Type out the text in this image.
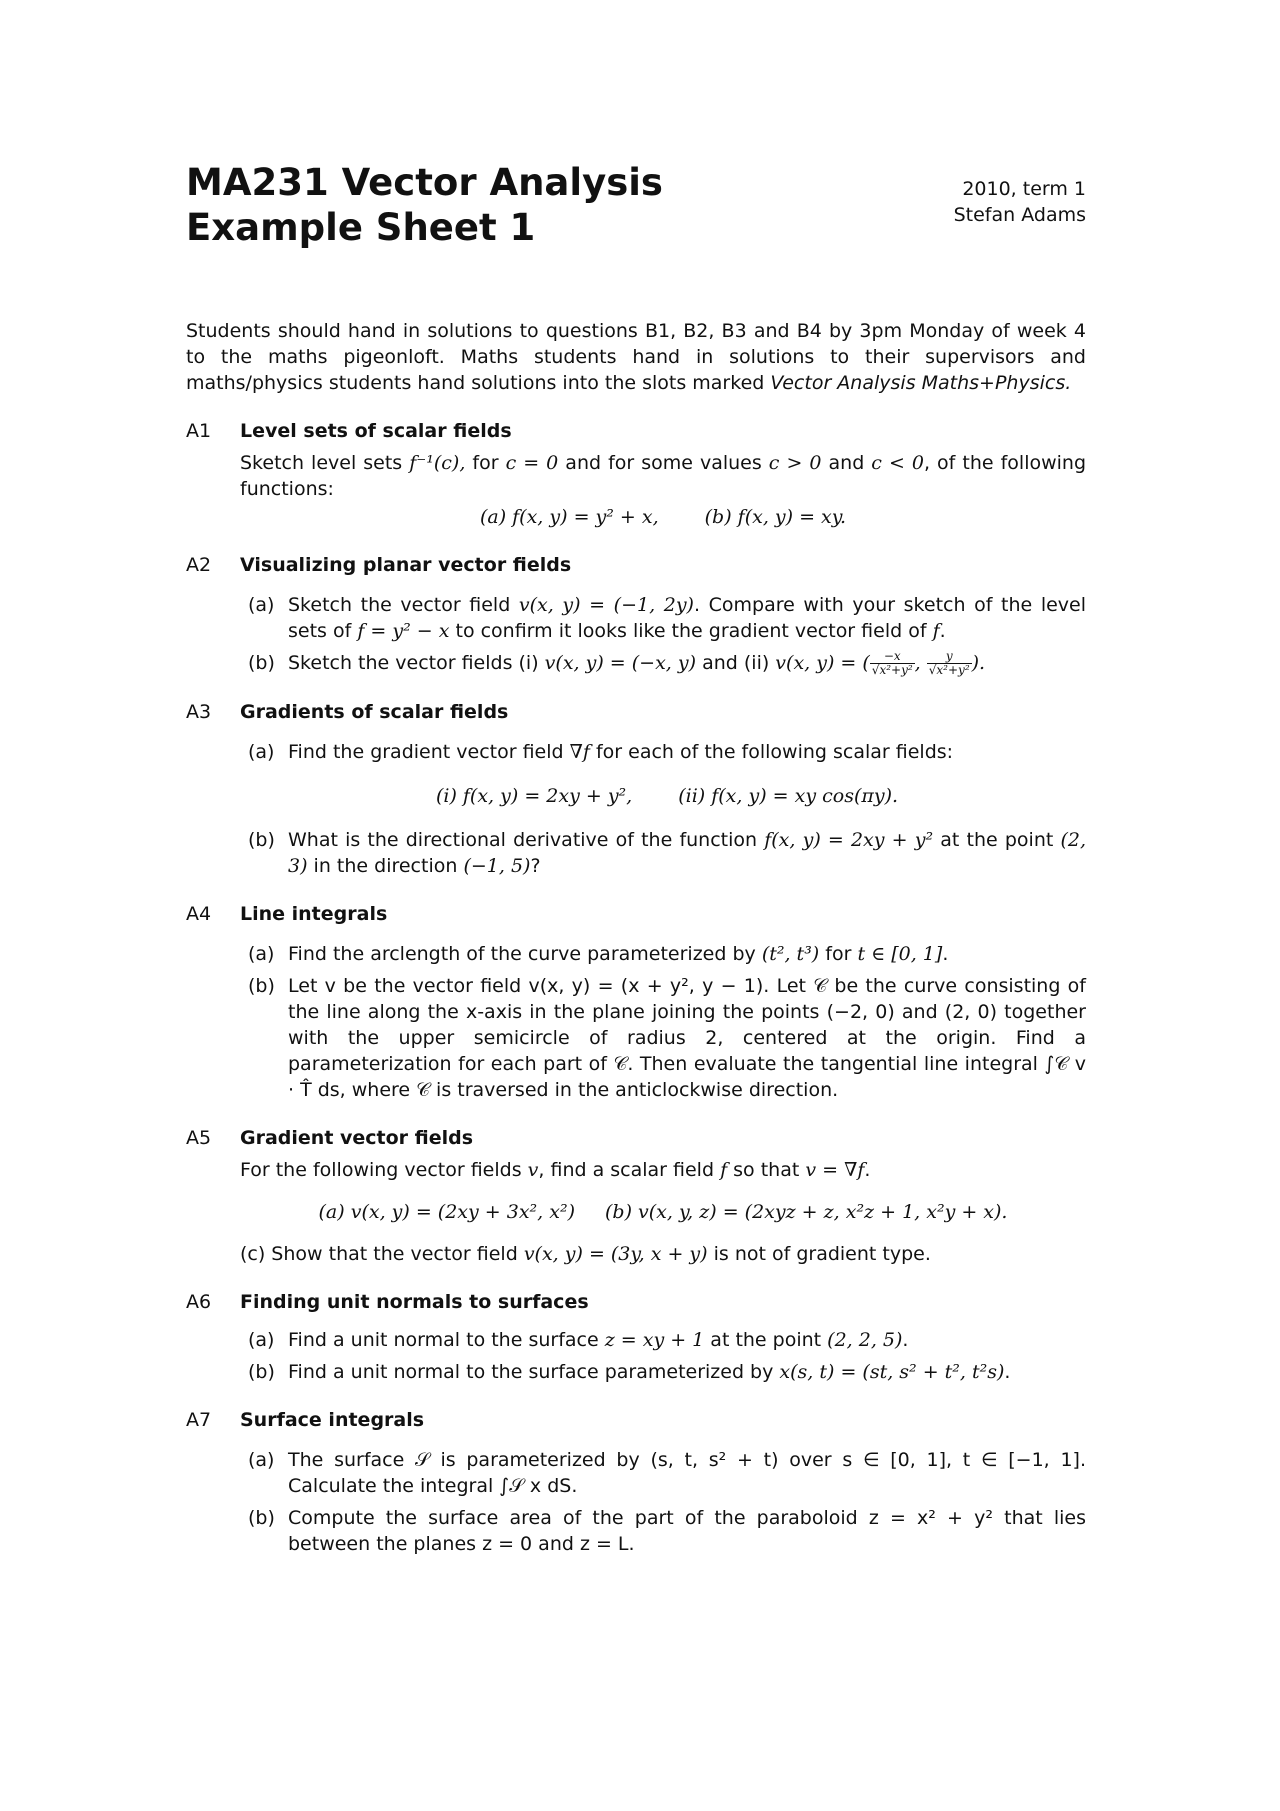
MA231 Vector Analysis
Example Sheet 1
2010, term 1
Stefan Adams
Students should hand in solutions to questions B1, B2, B3 and B4 by 3pm Monday of week 4 to the maths pigeonloft. Maths students hand in solutions to their supervisors and maths/physics students hand solutions into the slots marked Vector Analysis Maths+Physics.
A1	Level sets of scalar fields
Sketch level sets f⁻¹(c), for c = 0 and for some values c > 0 and c < 0, of the following functions:
(a) f(x, y) = y² + x, (b) f(x, y) = xy.
A2	Visualizing planar vector fields
(a) Sketch the vector field v(x, y) = (−1, 2y). Compare with your sketch of the level sets of f = y² − x to confirm it looks like the gradient vector field of f.
(b) Sketch the vector fields (i) v(x, y) = (−x, y) and (ii) v(x, y) = ( $\frac{-x}{\text{√x²+y²}}$ , $\frac{y}{\text{√x²+y²}}$ ).
A3	Gradients of scalar fields
(a) Find the gradient vector field ∇f for each of the following scalar fields:
(i) f(x, y) = 2xy + y², (ii) f(x, y) = xy cos(πy).
(b) What is the directional derivative of the function f(x, y) = 2xy + y² at the point (2, 3) in the direction (−1, 5)?
A4	Line integrals
(a) Find the arclength of the curve parameterized by (t², t³) for t ∈ [0, 1].
(b) Let v be the vector field v(x, y) = (x + y², y − 1). Let 𝒞 be the curve consisting of the line along the x-axis in the plane joining the points (−2, 0) and (2, 0) together with the upper semicircle of radius 2, centered at the origin. Find a parameterization for each part of 𝒞. Then evaluate the tangential line integral ∫𝒞 v · T̂ ds, where 𝒞 is traversed in the anticlockwise direction.
A5	Gradient vector fields
For the following vector fields v, find a scalar field f so that v = ∇f.
(a) v(x, y) = (2xy + 3x², x²) (b) v(x, y, z) = (2xyz + z, x²z + 1, x²y + x).
(c) Show that the vector field v(x, y) = (3y, x + y) is not of gradient type.
A6	Finding unit normals to surfaces
(a) Find a unit normal to the surface z = xy + 1 at the point (2, 2, 5).
(b) Find a unit normal to the surface parameterized by x(s, t) = (st, s² + t², t²s).
A7	Surface integrals
(a) The surface 𝒮 is parameterized by (s, t, s² + t) over s ∈ [0, 1], t ∈ [−1, 1]. Calculate the integral ∫𝒮 x dS.
(b) Compute the surface area of the part of the paraboloid z = x² + y² that lies between the planes z = 0 and z = L.
